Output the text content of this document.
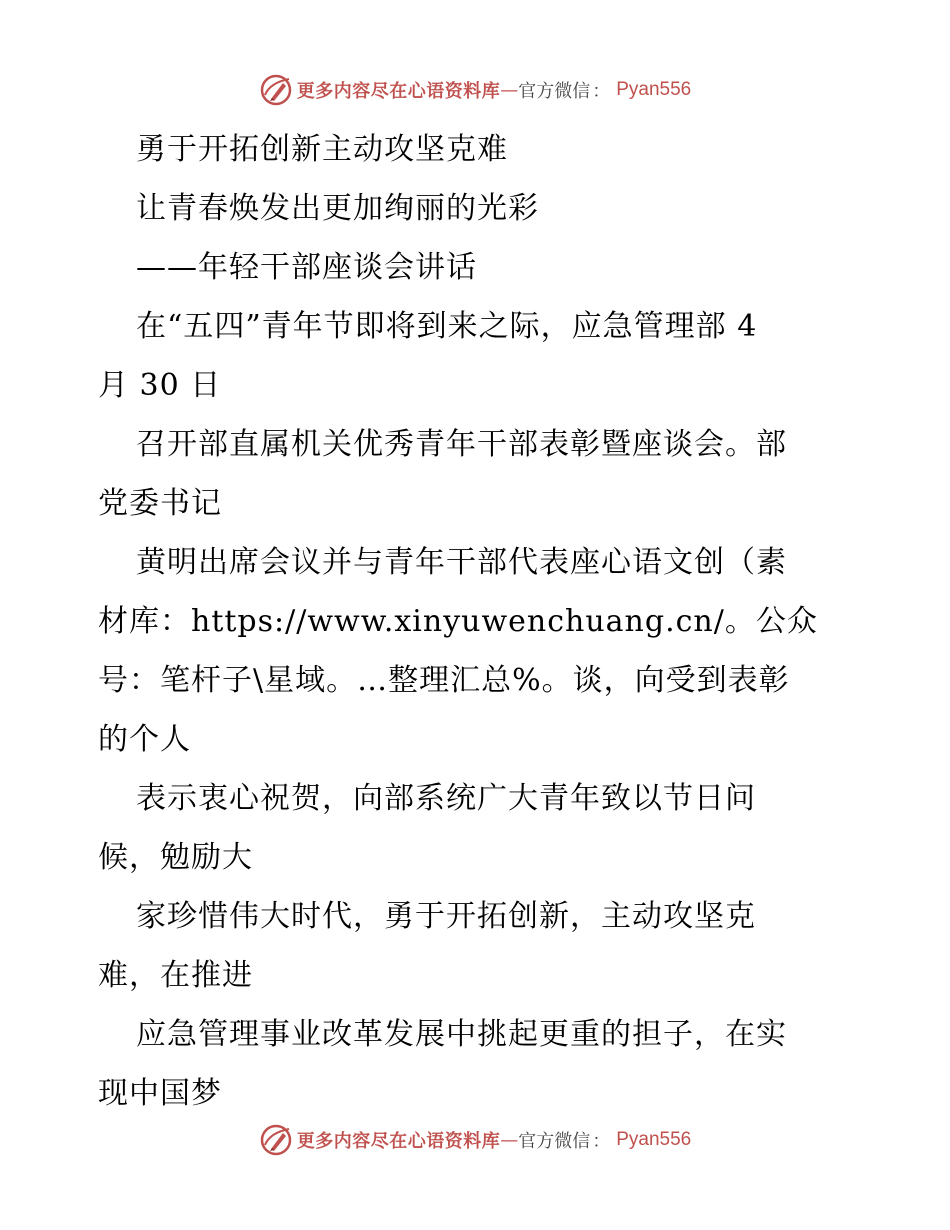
更多内容尽在心语资料库 — 官方微信 ： Pyan556
勇于开拓创新主动攻坚克难
让青春焕发出更加绚丽的光彩
——年轻干部座谈会讲话
在“五四”青年节即将到来之际，应急管理部 4
月 30 日
召开部直属机关优秀青年干部表彰暨座谈会。部
党委书记
黄明出席会议并与青年干部代表座心语文创（素
材库：https://www.xinyuwenchuang.cn/。公众
号：笔杆子\星域。…整理汇总%。谈，向受到表彰
的个人
表示衷心祝贺，向部系统广大青年致以节日问
候，勉励大
家珍惜伟大时代，勇于开拓创新，主动攻坚克
难，在推进
应急管理事业改革发展中挑起更重的担子，在实
现中国梦
更多内容尽在心语资料库 — 官方微信 ： Pyan556
